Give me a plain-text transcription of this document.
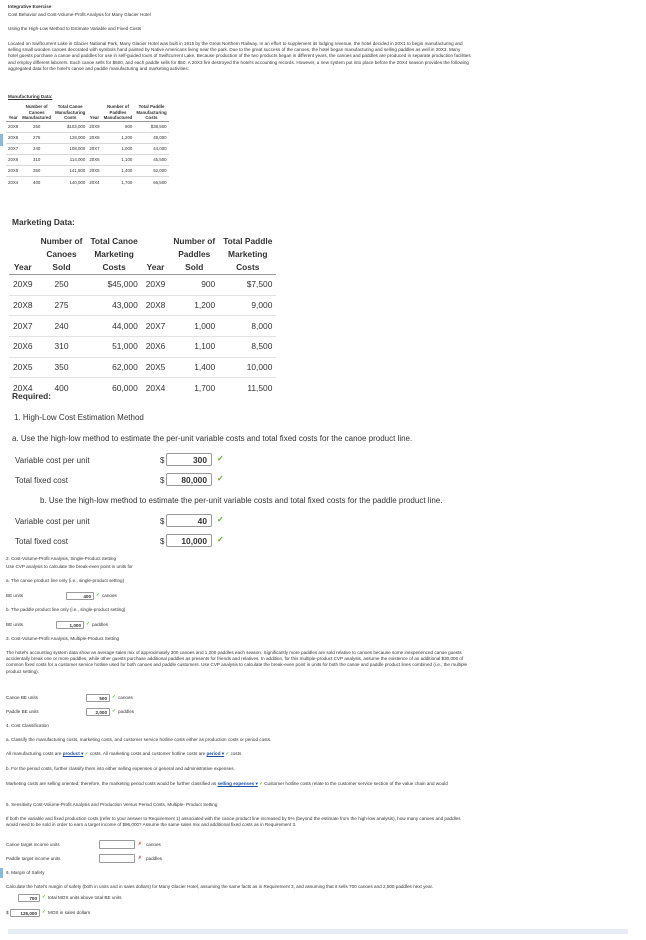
Integrative Exercise
Cost Behavior and Cost-Volume-Profit Analysis for Many Glacier Hotel
Using the High-Low Method to Estimate Variable and Fixed Costs
Located on Swiftcurrent Lake in Glacier National Park, Many Glacier Hotel was built in 1915 by the Great Northern Railway. In an effort to supplement its lodging revenue, the hotel decided in 20X1 to begin manufacturing and
selling small wooden canoes decorated with symbols hand painted by Native Americans living near the park. Due to the great success of the canoes, the hotel began manufacturing and selling paddles as well in 20X3. Many
hotel guests purchase a canoe and paddles for use in self-guided tours of Swiftcurrent Lake. Because production of the two products began in different years, the canoes and paddles are produced in separate production facilities
and employ different laborers. Each canoe sells for $500, and each paddle sells for $50. A 20X3 fire destroyed the hotel's accounting records. However, a new system put into place before the 20X4 season provides the following
aggregated data for the hotel's canoe and paddle manufacturing and marketing activities:
Manufacturing Data:
	Number of	Total Canoe		Number of	Total Paddle
	Canoes	Manufacturing		Paddles	Manufacturing
Year	Manufactured	Costs	Year	Manufactured	Costs
20X9	250	$103,000	20X9	900	$38,500
20X8	275	128,000	20X8	1,200	49,000
20X7	240	108,000	20X7	1,000	44,000
20X6	310	114,000	20X6	1,100	45,500
20X5	350	141,500	20X5	1,400	52,000
20X4	400	140,000	20X4	1,700	66,500
Marketing Data:
	Number of	Total Canoe		Number of	Total Paddle
	Canoes	Marketing		Paddles	Marketing
Year	Sold	Costs	Year	Sold	Costs
20X9	250	$45,000	20X9	900	$7,500
20X8	275	43,000	20X8	1,200	9,000
20X7	240	44,000	20X7	1,000	8,000
20X6	310	51,000	20X6	1,100	8,500
20X5	350	62,000	20X5	1,400	10,000
20X4	400	60,000	20X4	1,700	11,500
Required:
1. High-Low Cost Estimation Method
a. Use the high-low method to estimate the per-unit variable costs and total fixed costs for the canoe product line.
Variable cost per unit	$	300	✓
Total fixed cost	$	80,000	✓
b. Use the high-low method to estimate the per-unit variable costs and total fixed costs for the paddle product line.
Variable cost per unit	$	40	✓
Total fixed cost	$	10,000	✓
2. Cost-Volume-Profit Analysis, Single-Product Setting
Use CVP analysis to calculate the break-even point in units for
a. The canoe product line only (i.e., single-product setting)
BE units	400	✓ canoes
b. The paddle product line only (i.e., single-product setting)
BE units	1,000	✓ paddles
3. Cost-Volume-Profit Analysis, Multiple-Product Setting
The hotel's accounting system data show an average sales mix of approximately 300 canoes and 1,200 paddles each season. Significantly more paddles are sold relative to canoes because some inexperienced canoe guests
accidentally break one or more paddles, while other guests purchase additional paddles as presents for friends and relatives. In addition, for this multiple-product CVP analysis, assume the existence of an additional $30,000 of
common fixed costs for a customer service hotline used for both canoes and paddle customers. Use CVP analysis to calculate the break-even point in units for both the canoe and paddle product lines combined (i.e., the multiple
product setting).
Canoe BE units	500	✓ canoes
Paddle BE units	2,000	✓ paddles
4. Cost Classification
a. Classify the manufacturing costs, marketing costs, and customer service hotline costs either as production costs or period costs.
All manufacturing costs are product ▾ ✓ costs. All marketing costs and customer hotline costs are period ▾ ✓ costs
b. For the period costs, further classify them into either selling expenses or general and administrative expenses.
Marketing costs are selling oriented; therefore, the marketing period costs would be further classified as selling expenses ▾ ✓ Customer hotline costs relate to the customer service section of the value chain and would
5. Sensitivity Cost-Volume-Profit Analysis and Production Versus Period Costs, Multiple- Product Setting
If both the variable and fixed production costs (refer to your answer to Requirement 1) associated with the canoe product line increased by 5% (beyond the estimate from the high-low analysis), how many canoes and paddles
would need to be sold in order to earn a target income of $96,000? Assume the same sales mix and additional fixed costs as in Requirement 3.
Canoe target income units	✗ canoes
Paddle target income units	✗ paddles
6. Margin of Safety
Calculate the hotel's margin of safety (both in units and in sales dollars) for Many Glacier Hotel, assuming the same facts as in Requirement 3, and assuming that it sells 700 canoes and 2,500 paddles next year.
700	✓ total MOS units above total BE units
$	125,000	✓ MOS in sales dollars
